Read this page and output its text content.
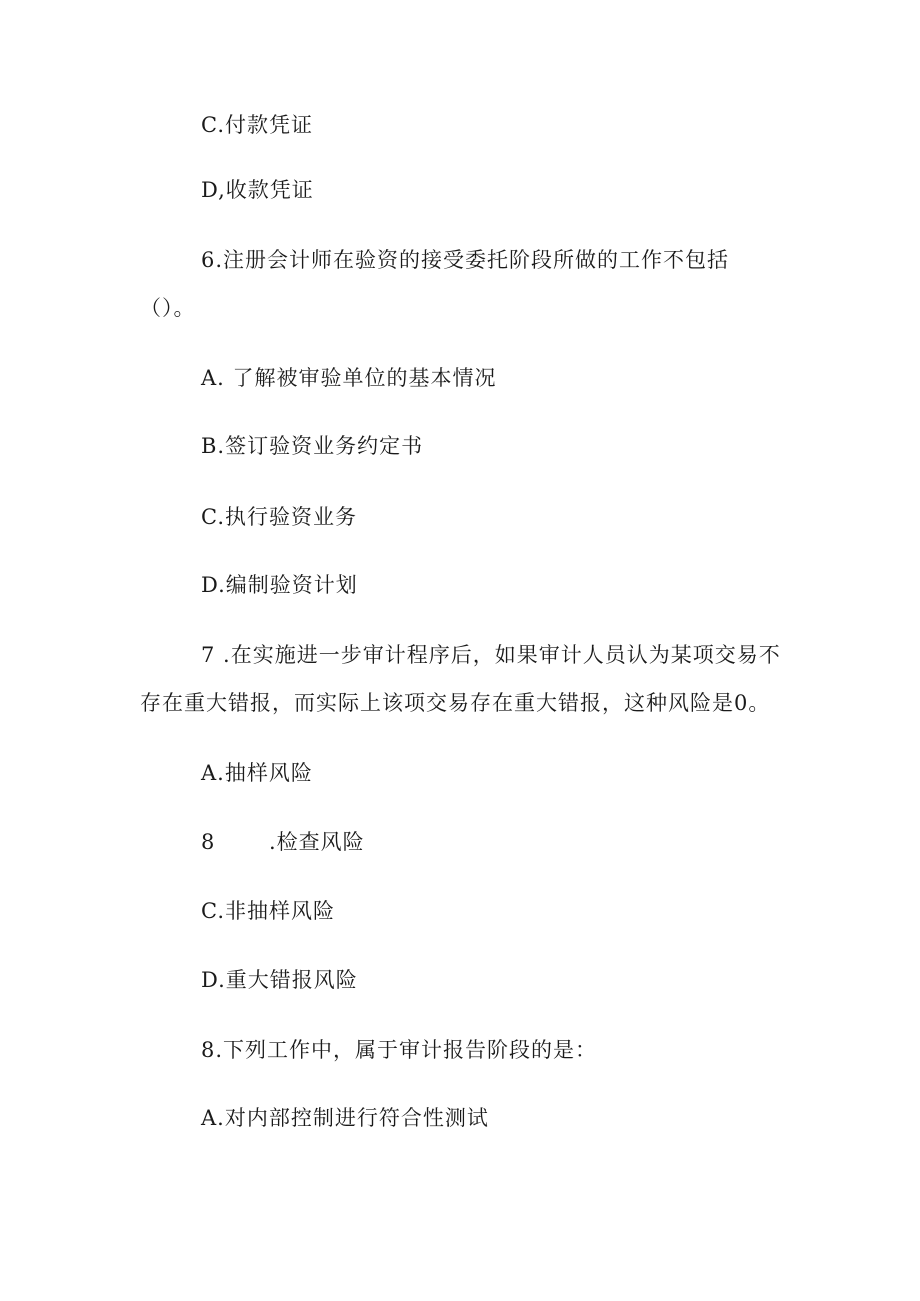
C.付款凭证
D,收款凭证
6.注册会计师在验资的接受委托阶段所做的工作不包括
（）。
A. 了解被审验单位的基本情况
B.签订验资业务约定书
C.执行验资业务
D.编制验资计划
7 .在实施进一步审计程序后，如果审计人员认为某项交易不
存在重大错报，而实际上该项交易存在重大错报，这种风险是0。
A.抽样风险
8	.检查风险
C.非抽样风险
D.重大错报风险
8.下列工作中，属于审计报告阶段的是：
A.对内部控制进行符合性测试
